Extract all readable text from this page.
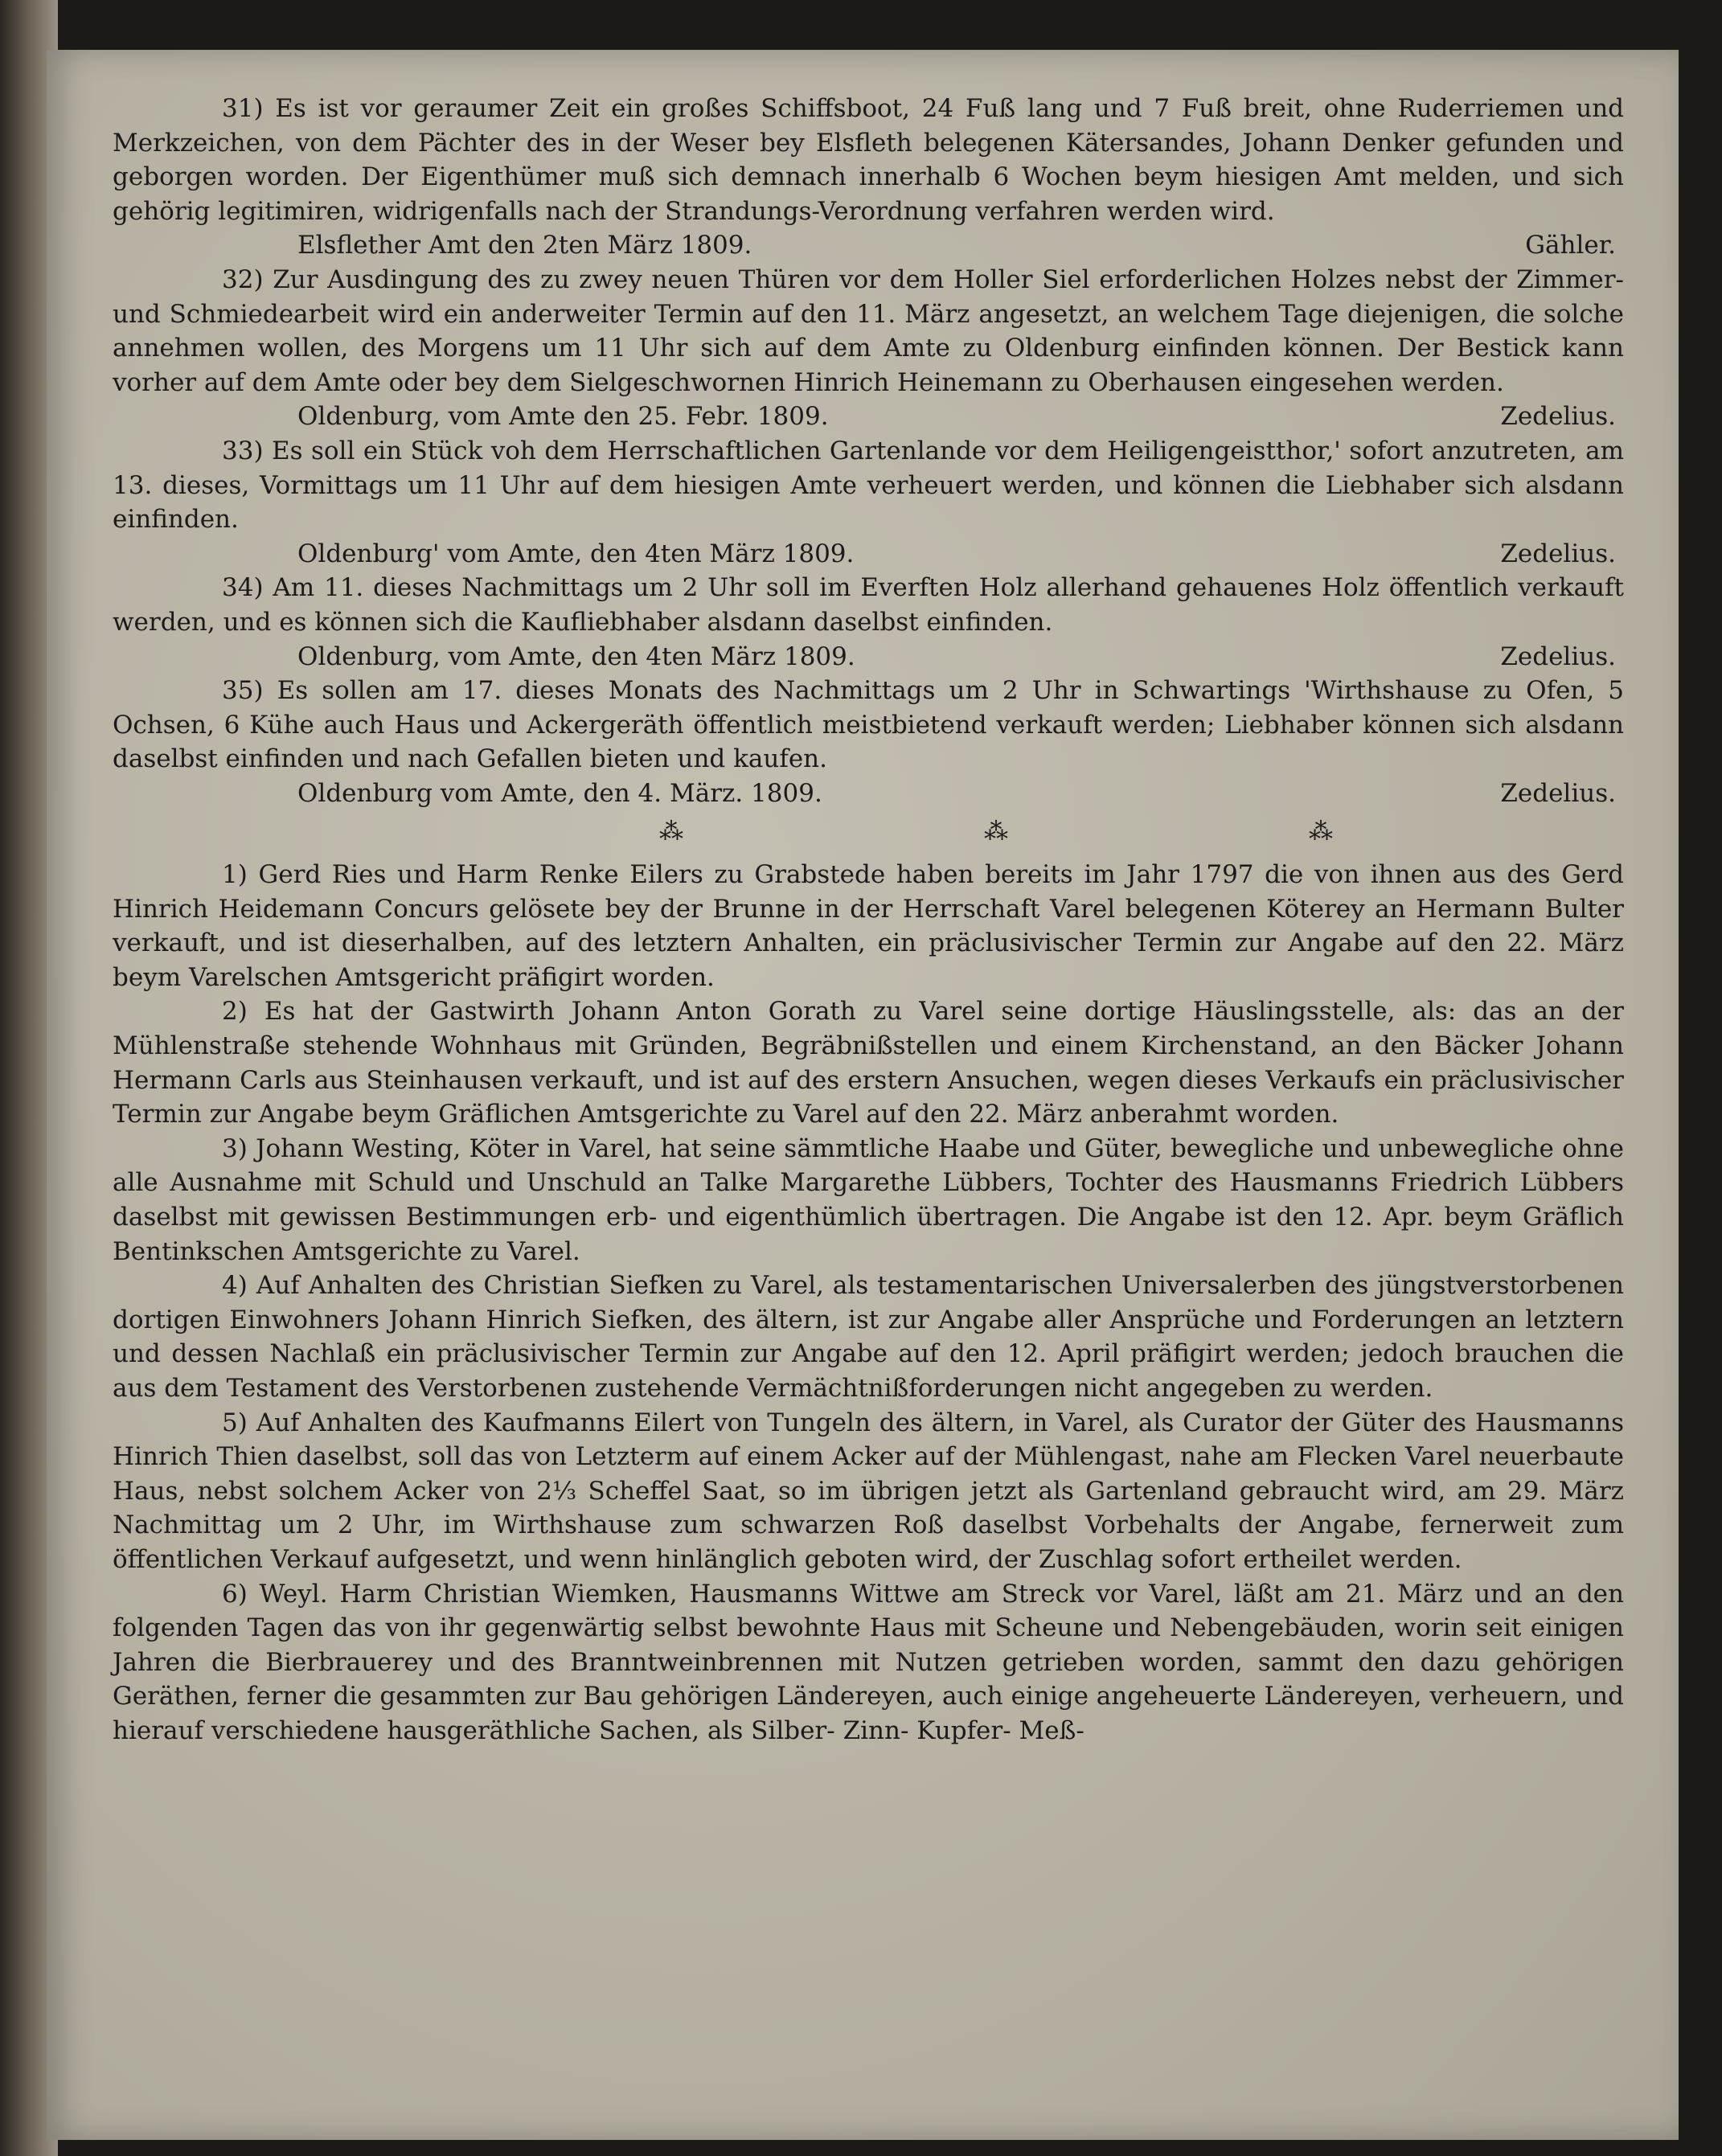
31) Es ist vor geraumer Zeit ein großes Schiffsboot, 24 Fuß lang und 7 Fuß breit, ohne Ruderriemen und Merkzeichen, von dem Pächter des in der Weser bey Elsfleth belegenen Kätersandes, Johann Denker gefunden und geborgen worden. Der Eigenthümer muß sich demnach innerhalb 6 Wochen beym hiesigen Amt melden, und sich gehörig legitimiren, widrigenfalls nach der Strandungs-Verordnung verfahren werden wird.

Elsflether Amt den 2ten März 1809.	Gähler.

32) Zur Ausdingung des zu zwey neuen Thüren vor dem Holler Siel erforderlichen Holzes nebst der Zimmer- und Schmiedearbeit wird ein anderweiter Termin auf den 11. März angesetzt, an welchem Tage diejenigen, die solche annehmen wollen, des Morgens um 11 Uhr sich auf dem Amte zu Oldenburg einfinden können. Der Bestick kann vorher auf dem Amte oder bey dem Sielgeschwornen Hinrich Heinemann zu Oberhausen eingesehen werden.

Oldenburg, vom Amte den 25. Febr. 1809.	Zedelius.

33) Es soll ein Stück voh dem Herrschaftlichen Gartenlande vor dem Heiligengeistthor,' sofort anzutreten, am 13. dieses, Vormittags um 11 Uhr auf dem hiesigen Amte verheuert werden, und können die Liebhaber sich alsdann einfinden.

Oldenburg' vom Amte, den 4ten März 1809.	Zedelius.

34) Am 11. dieses Nachmittags um 2 Uhr soll im Everften Holz allerhand gehauenes Holz öffentlich verkauft werden, und es können sich die Kaufliebhaber alsdann daselbst einfinden.

Oldenburg, vom Amte, den 4ten März 1809.	Zedelius.

35) Es sollen am 17. dieses Monats des Nachmittags um 2 Uhr in Schwartings 'Wirthshause zu Ofen, 5 Ochsen, 6 Kühe auch Haus und Ackergeräth öffentlich meistbietend verkauft werden; Liebhaber können sich alsdann daselbst einfinden und nach Gefallen bieten und kaufen.

Oldenburg vom Amte, den 4. März. 1809.	Zedelius.

⁂	⁂	⁂

1) Gerd Ries und Harm Renke Eilers zu Grabstede haben bereits im Jahr 1797 die von ihnen aus des Gerd Hinrich Heidemann Concurs gelösete bey der Brunne in der Herrschaft Varel belegenen Köterey an Hermann Bulter verkauft, und ist dieserhalben, auf des letztern Anhalten, ein präclusivischer Termin zur Angabe auf den 22. März beym Varelschen Amtsgericht präfigirt worden.

2) Es hat der Gastwirth Johann Anton Gorath zu Varel seine dortige Häuslingsstelle, als: das an der Mühlenstraße stehende Wohnhaus mit Gründen, Begräbnißstellen und einem Kirchenstand, an den Bäcker Johann Hermann Carls aus Steinhausen verkauft, und ist auf des erstern Ansuchen, wegen dieses Verkaufs ein präclusivischer Termin zur Angabe beym Gräflichen Amtsgerichte zu Varel auf den 22. März anberahmt worden.

3) Johann Westing, Köter in Varel, hat seine sämmtliche Haabe und Güter, bewegliche und unbewegliche ohne alle Ausnahme mit Schuld und Unschuld an Talke Margarethe Lübbers, Tochter des Hausmanns Friedrich Lübbers daselbst mit gewissen Bestimmungen erb- und eigenthümlich übertragen. Die Angabe ist den 12. Apr. beym Gräflich Bentinkschen Amtsgerichte zu Varel.

4) Auf Anhalten des Christian Siefken zu Varel, als testamentarischen Universalerben des jüngstverstorbenen dortigen Einwohners Johann Hinrich Siefken, des ältern, ist zur Angabe aller Ansprüche und Forderungen an letztern und dessen Nachlaß ein präclusivischer Termin zur Angabe auf den 12. April präfigirt werden; jedoch brauchen die aus dem Testament des Verstorbenen zustehende Vermächtnißforderungen nicht angegeben zu werden.

5) Auf Anhalten des Kaufmanns Eilert von Tungeln des ältern, in Varel, als Curator der Güter des Hausmanns Hinrich Thien daselbst, soll das von Letzterm auf einem Acker auf der Mühlengast, nahe am Flecken Varel neuerbaute Haus, nebst solchem Acker von 2⅓ Scheffel Saat, so im übrigen jetzt als Gartenland gebraucht wird, am 29. März Nachmittag um 2 Uhr, im Wirthshause zum schwarzen Roß daselbst Vorbehalts der Angabe, fernerweit zum öffentlichen Verkauf aufgesetzt, und wenn hinlänglich geboten wird, der Zuschlag sofort ertheilet werden.

6) Weyl. Harm Christian Wiemken, Hausmanns Wittwe am Streck vor Varel, läßt am 21. März und an den folgenden Tagen das von ihr gegenwärtig selbst bewohnte Haus mit Scheune und Nebengebäuden, worin seit einigen Jahren die Bierbrauerey und des Branntweinbrennen mit Nutzen getrieben worden, sammt den dazu gehörigen Geräthen, ferner die gesammten zur Bau gehörigen Ländereyen, auch einige angeheuerte Ländereyen, verheuern, und hierauf verschiedene hausgeräthliche Sachen, als Silber- Zinn- Kupfer- Meß-
